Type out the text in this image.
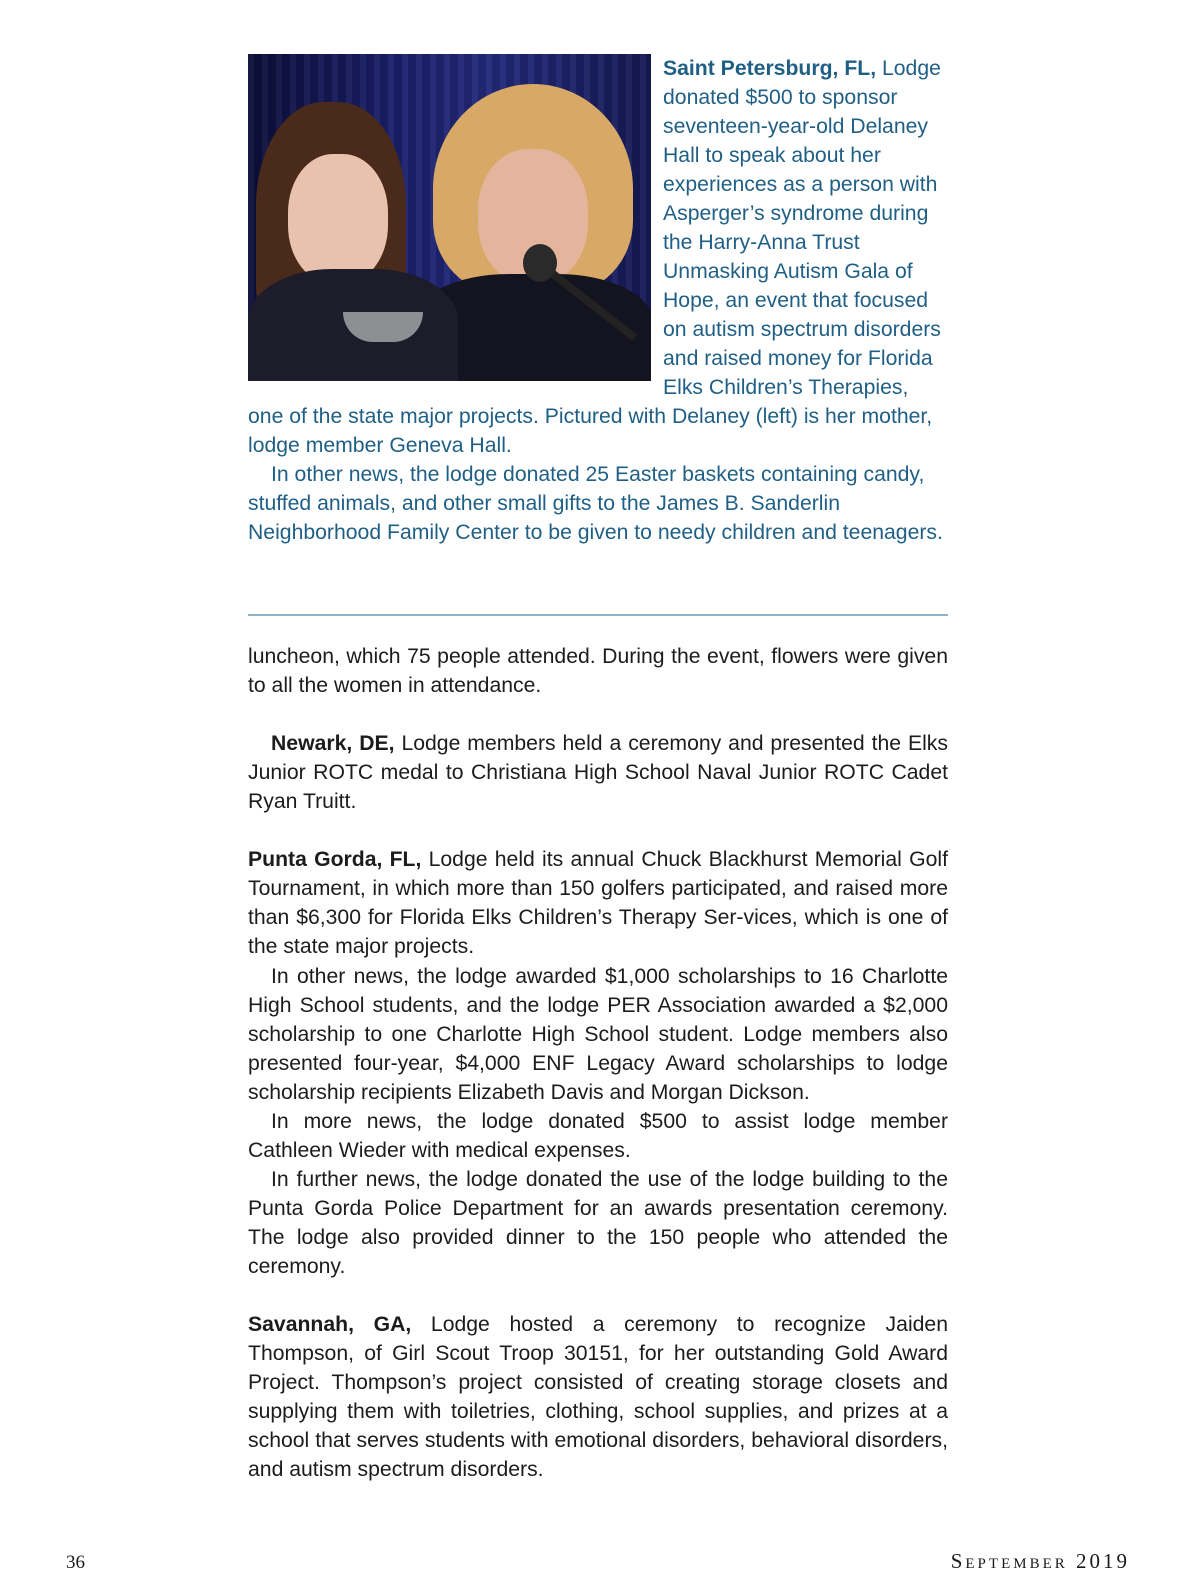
Saint Petersburg, FL, Lodge donated $500 to sponsor seventeen-year-old Delaney Hall to speak about her experiences as a person with Asperger’s syndrome during the Harry-Anna Trust Unmasking Autism Gala of Hope, an event that focused on autism spectrum disorders and raised money for Florida Elks Children’s Therapies, one of the state major projects. Pictured with Delaney (left) is her mother, lodge member Geneva Hall.

In other news, the lodge donated 25 Easter baskets containing candy, stuffed animals, and other small gifts to the James B. Sanderlin Neighborhood Family Center to be given to needy children and teenagers.

luncheon, which 75 people attended. During the event, flowers were given to all the women in attendance.

Newark, DE, Lodge members held a ceremony and presented the Elks Junior ROTC medal to Christiana High School Naval Junior ROTC Cadet Ryan Truitt.

Punta Gorda, FL, Lodge held its annual Chuck Blackhurst Memorial Golf Tournament, in which more than 150 golfers participated, and raised more than $6,300 for Florida Elks Children’s Therapy Ser-vices, which is one of the state major projects.

In other news, the lodge awarded $1,000 scholarships to 16 Charlotte High School students, and the lodge PER Association awarded a $2,000 scholarship to one Charlotte High School student. Lodge members also presented four-year, $4,000 ENF Legacy Award scholarships to lodge scholarship recipients Elizabeth Davis and Morgan Dickson.

In more news, the lodge donated $500 to assist lodge member Cathleen Wieder with medical expenses.

In further news, the lodge donated the use of the lodge building to the Punta Gorda Police Department for an awards presentation ceremony. The lodge also provided dinner to the 150 people who attended the ceremony.

Savannah, GA, Lodge hosted a ceremony to recognize Jaiden Thompson, of Girl Scout Troop 30151, for her outstanding Gold Award Project. Thompson’s project consisted of creating storage closets and supplying them with toiletries, clothing, school supplies, and prizes at a school that serves students with emotional disorders, behavioral disorders, and autism spectrum disorders.

36	September 2019
